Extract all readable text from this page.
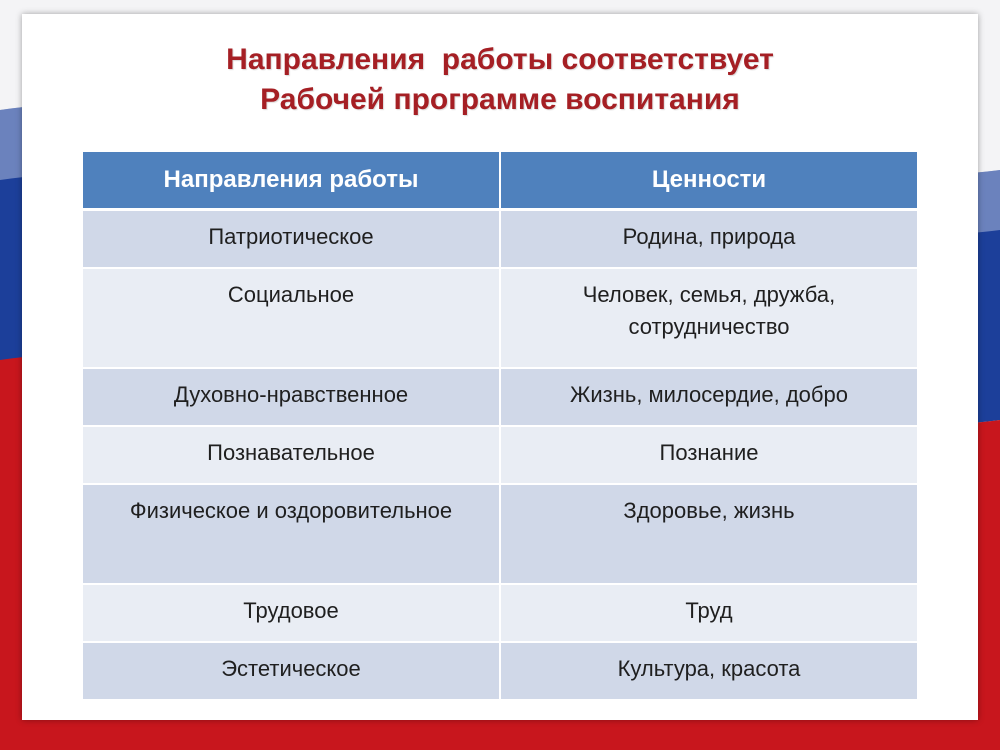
Направления  работы соответствует
Рабочей программе воспитания
Направления работы	Ценности
Патриотическое	Родина, природа
Социальное	Человек, семья, дружба, сотрудничество
Духовно-нравственное	Жизнь, милосердие, добро
Познавательное	Познание
Физическое и оздоровительное	Здоровье, жизнь
Трудовое	Труд
Эстетическое	Культура, красота
